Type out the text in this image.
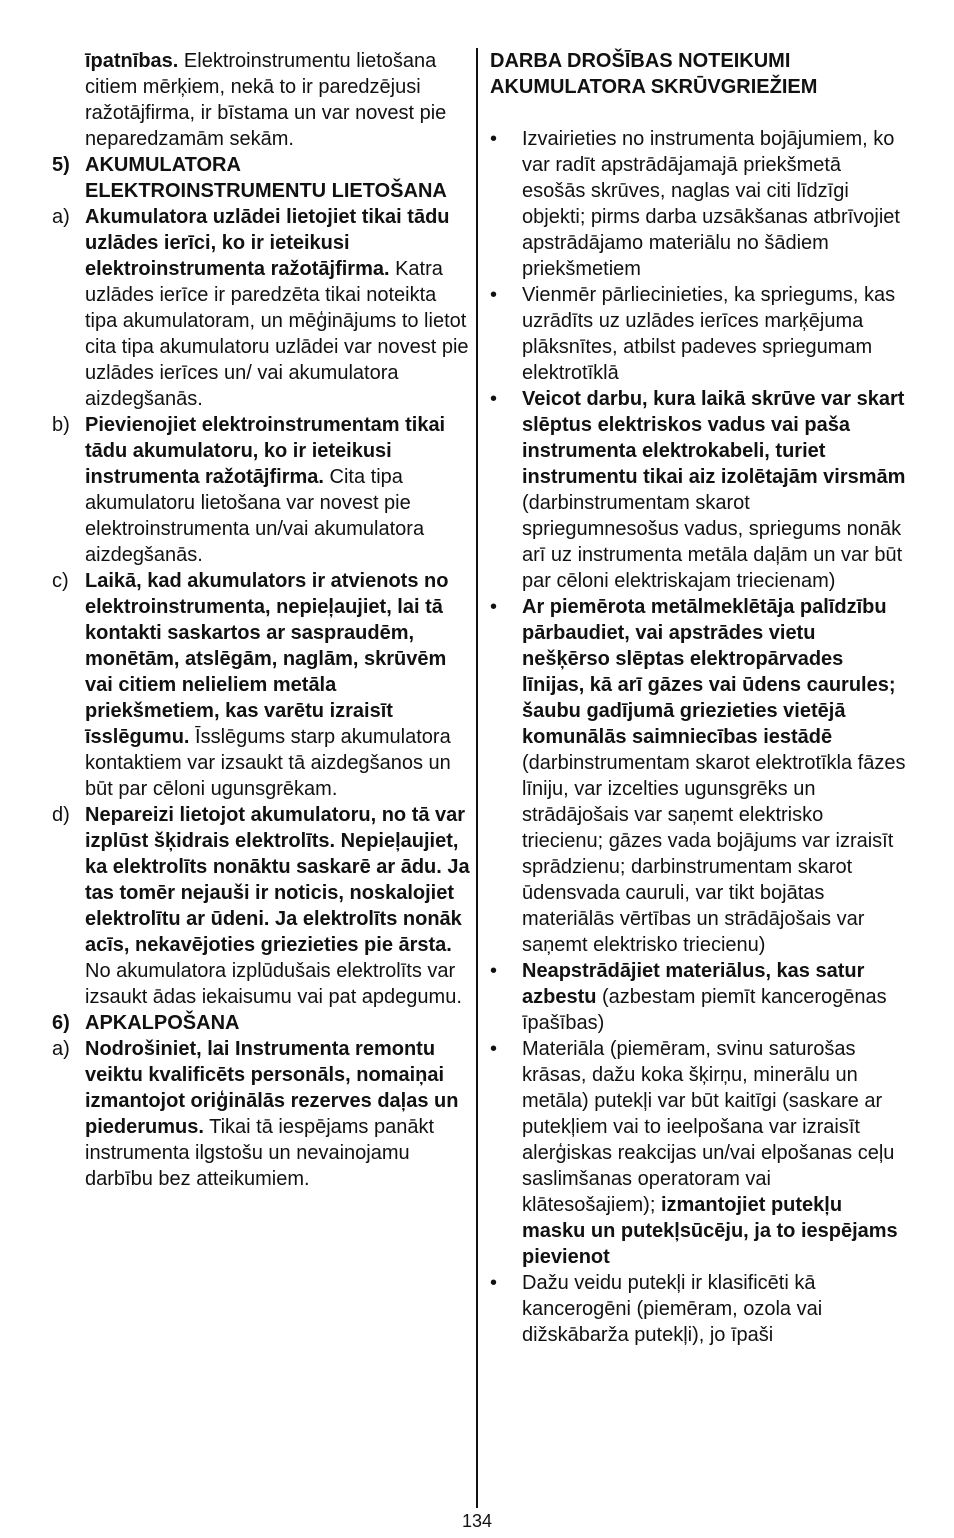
īpatnības. Elektroinstrumentu lietošana citiem mērķiem, nekā to ir paredzējusi ražotājfirma, ir bīstama un var novest pie neparedzamām sekām.

5) AKUMULATORA ELEKTROINSTRUMENTU LIETOŠANA
a) Akumulatora uzlādei lietojiet tikai tādu uzlādes ierīci, ko ir ieteikusi elektroinstrumenta ražotājfirma. Katra uzlādes ierīce ir paredzēta tikai noteikta tipa akumulatoram, un mēģinājums to lietot cita tipa akumulatoru uzlādei var novest pie uzlādes ierīces un/ vai akumulatora aizdegšanās.
b) Pievienojiet elektroinstrumentam tikai tādu akumulatoru, ko ir ieteikusi instrumenta ražotājfirma. Cita tipa akumulatoru lietošana var novest pie elektroinstrumenta un/vai akumulatora aizdegšanās.
c) Laikā, kad akumulators ir atvienots no elektroinstrumenta, nepieļaujiet, lai tā kontakti saskartos ar saspraudēm, monētām, atslēgām, naglām, skrūvēm vai citiem nelieliem metāla priekšmetiem, kas varētu izraisīt īsslēgumu. Īsslēgums starp akumulatora kontaktiem var izsaukt tā aizdegšanos un būt par cēloni ugunsgrēkam.
d) Nepareizi lietojot akumulatoru, no tā var izplūst šķidrais elektrolīts. Nepieļaujiet, ka elektrolīts nonāktu saskarē ar ādu. Ja tas tomēr nejauši ir noticis, noskalojiet elektrolītu ar ūdeni. Ja elektrolīts nonāk acīs, nekavējoties griezieties pie ārsta. No akumulatora izplūdušais elektrolīts var izsaukt ādas iekaisumu vai pat apdegumu.
6) APKALPOŠANA
a) Nodrošiniet, lai Instrumenta remontu veiktu kvalificēts personāls, nomaiņai izmantojot oriģinālās rezerves daļas un piederumus. Tikai tā iespējams panākt instrumenta ilgstošu un nevainojamu darbību bez atteikumiem.

DARBA DROŠĪBAS NOTEIKUMI AKUMULATORA SKRŪVGRIEŽIEM

• Izvairieties no instrumenta bojājumiem, ko var radīt apstrādājamajā priekšmetā esošās skrūves, naglas vai citi līdzīgi objekti; pirms darba uzsākšanas atbrīvojiet apstrādājamo materiālu no šādiem priekšmetiem
• Vienmēr pārliecinieties, ka spriegums, kas uzrādīts uz uzlādes ierīces marķējuma plāksnītes, atbilst padeves spriegumam elektrotīklā
• Veicot darbu, kura laikā skrūve var skart slēptus elektriskos vadus vai paša instrumenta elektrokabeli, turiet instrumentu tikai aiz izolētajām virsmām (darbinstrumentam skarot spriegumnesošus vadus, spriegums nonāk arī uz instrumenta metāla daļām un var būt par cēloni elektriskajam triecienam)
• Ar piemērota metālmeklētāja palīdzību pārbaudiet, vai apstrādes vietu nešķērso slēptas elektropārvades līnijas, kā arī gāzes vai ūdens caurules; šaubu gadījumā griezieties vietējā komunālās saimniecības iestādē (darbinstrumentam skarot elektrotīkla fāzes līniju, var izcelties ugunsgrēks un strādājošais var saņemt elektrisko triecienu; gāzes vada bojājums var izraisīt sprādzienu; darbinstrumentam skarot ūdensvada cauruli, var tikt bojātas materiālās vērtības un strādājošais var saņemt elektrisko triecienu)
• Neapstrādājiet materiālus, kas satur azbestu (azbestam piemīt kancerogēnas īpašības)
• Materiāla (piemēram, svinu saturošas krāsas, dažu koka šķirņu, minerālu un metāla) putekļi var būt kaitīgi (saskare ar putekļiem vai to ieelpošana var izraisīt alerģiskas reakcijas un/vai elpošanas ceļu saslimšanas operatoram vai klātesošajiem); izmantojiet putekļu masku un putekļsūcēju, ja to iespējams pievienot
• Dažu veidu putekļi ir klasificēti kā kancerogēni (piemēram, ozola vai dižskābarža putekļi), jo īpaši
134
